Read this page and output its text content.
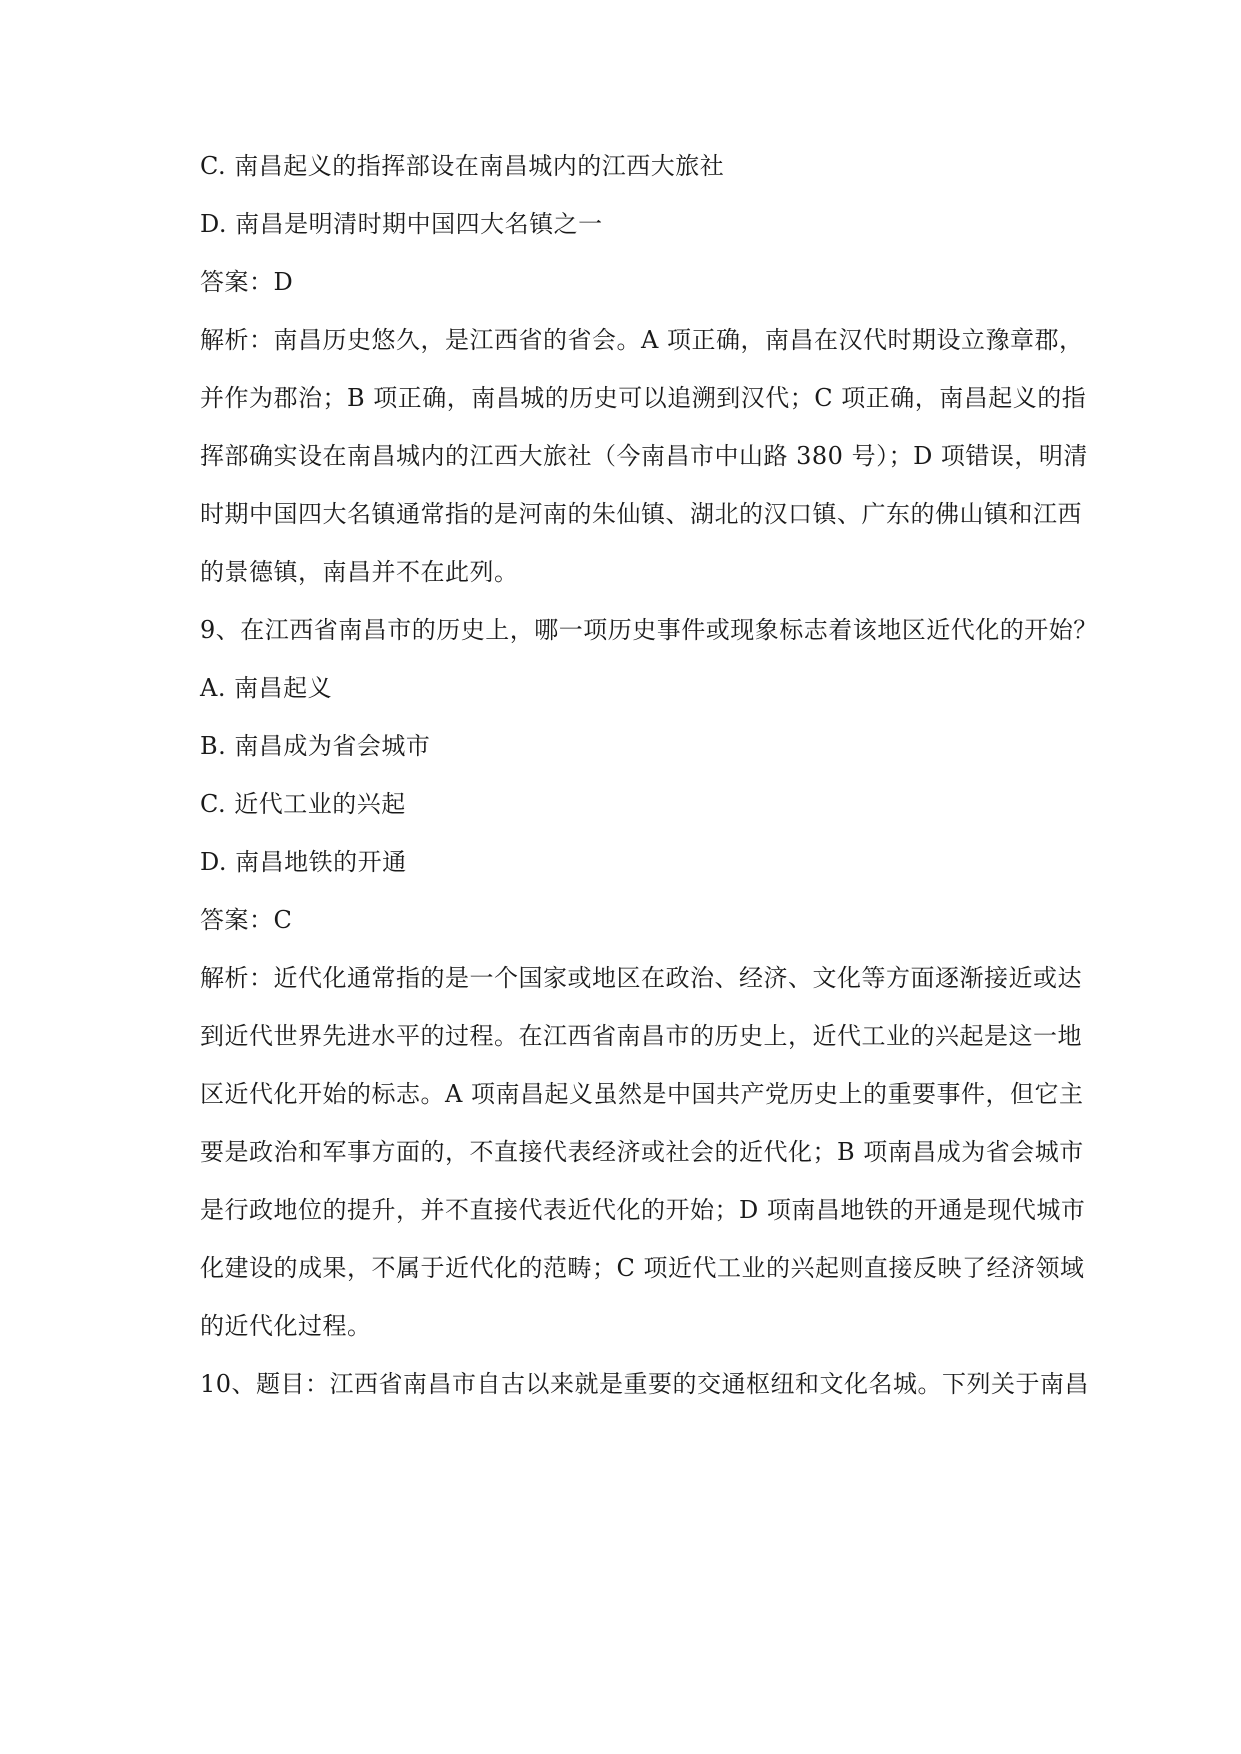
C. 南昌起义的指挥部设在南昌城内的江西大旅社
D. 南昌是明清时期中国四大名镇之一
答案：D
解析：南昌历史悠久，是江西省的省会。A 项正确，南昌在汉代时期设立豫章郡，
并作为郡治；B 项正确，南昌城的历史可以追溯到汉代；C 项正确，南昌起义的指
挥部确实设在南昌城内的江西大旅社（今南昌市中山路 380 号）；D 项错误，明清
时期中国四大名镇通常指的是河南的朱仙镇、湖北的汉口镇、广东的佛山镇和江西
的景德镇，南昌并不在此列。
9、在江西省南昌市的历史上，哪一项历史事件或现象标志着该地区近代化的开始？
A. 南昌起义
B. 南昌成为省会城市
C. 近代工业的兴起
D. 南昌地铁的开通
答案：C
解析：近代化通常指的是一个国家或地区在政治、经济、文化等方面逐渐接近或达
到近代世界先进水平的过程。在江西省南昌市的历史上，近代工业的兴起是这一地
区近代化开始的标志。A 项南昌起义虽然是中国共产党历史上的重要事件，但它主
要是政治和军事方面的，不直接代表经济或社会的近代化；B 项南昌成为省会城市
是行政地位的提升，并不直接代表近代化的开始；D 项南昌地铁的开通是现代城市
化建设的成果，不属于近代化的范畴；C 项近代工业的兴起则直接反映了经济领域
的近代化过程。
10、题目：江西省南昌市自古以来就是重要的交通枢纽和文化名城。下列关于南昌
